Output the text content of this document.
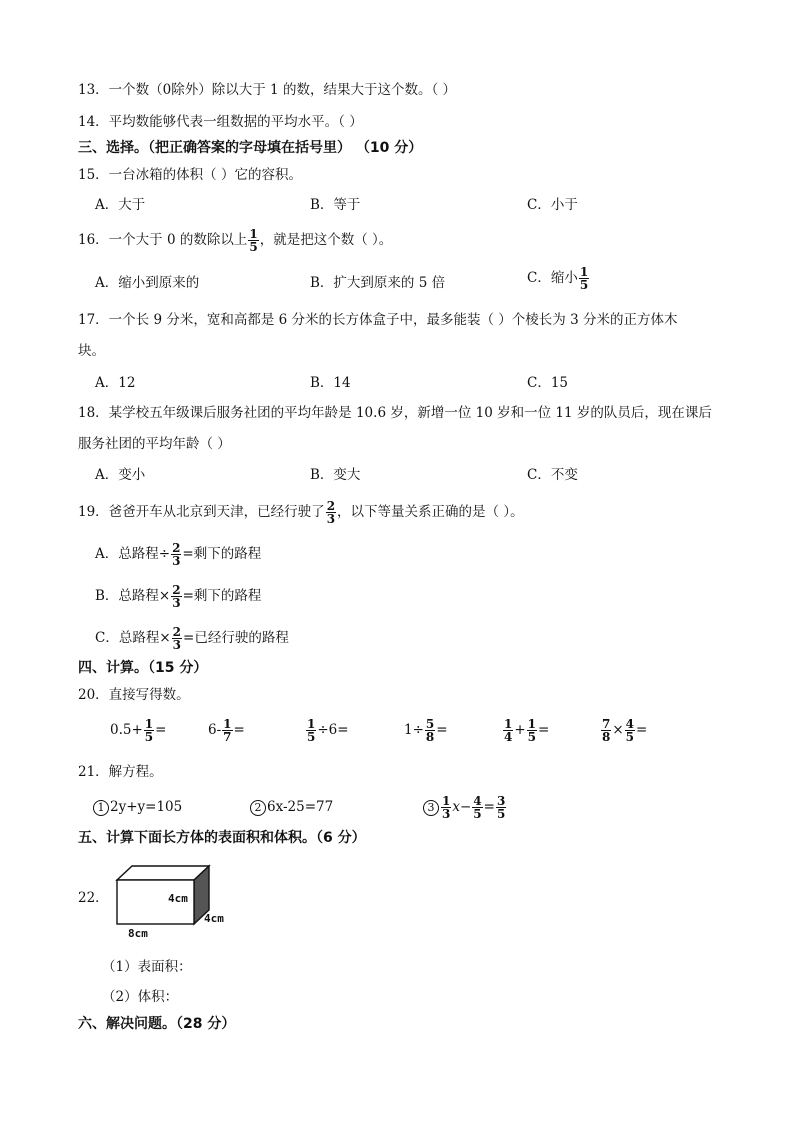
13．一个数（0除外）除以大于 1 的数，结果大于这个数。（ ）
14．平均数能够代表一组数据的平均水平。（ ）
三、选择。（把正确答案的字母填在括号里） （10 分）
15．一台冰箱的体积（ ）它的容积。
A．大于	B．等于	C．小于
16．一个大于 0 的数除以上 $\frac{1}{5}$ ，就是把这个数（ ）。
A．缩小到原来的	B．扩大到原来的 5 倍	C．缩小 $\frac{1}{5}$
17．一个长 9 分米，宽和高都是 6 分米的长方体盒子中，最多能装（ ）个棱长为 3 分米的正方体木
块。
A．12	B．14	C．15
18．某学校五年级课后服务社团的平均年龄是 10.6 岁，新增一位 10 岁和一位 11 岁的队员后，现在课后
服务社团的平均年龄（ ）
A．变小	B．变大	C．不变
19．爸爸开车从北京到天津，已经行驶了 $\frac{2}{3}$ ，以下等量关系正确的是（ ）。
A．总路程÷ $\frac{2}{3}$ =剩下的路程
B．总路程× $\frac{2}{3}$ =剩下的路程
C．总路程× $\frac{2}{3}$ =已经行驶的路程
四、计算。（15 分）
20．直接写得数。
$0.5+ \frac{1}{5}$ =	$6- \frac{1}{7}$ =	$\frac{1}{5} \div 6=$	$1\div \frac{5}{8}$ =	$\frac{1}{4} + \frac{1}{5}$ =	$\frac{7}{8} \times \frac{4}{5}$ =
21．解方程。
1 2y+y=105	2 6x-25=77	$3 \frac{1}{3} x- \frac{4}{5} = \frac{3}{5}$
五、计算下面长方体的表面积和体积。（6 分）
22．	4cm
4cm
8cm
（1）表面积：
（2）体积：
六、解决问题。（28 分）
